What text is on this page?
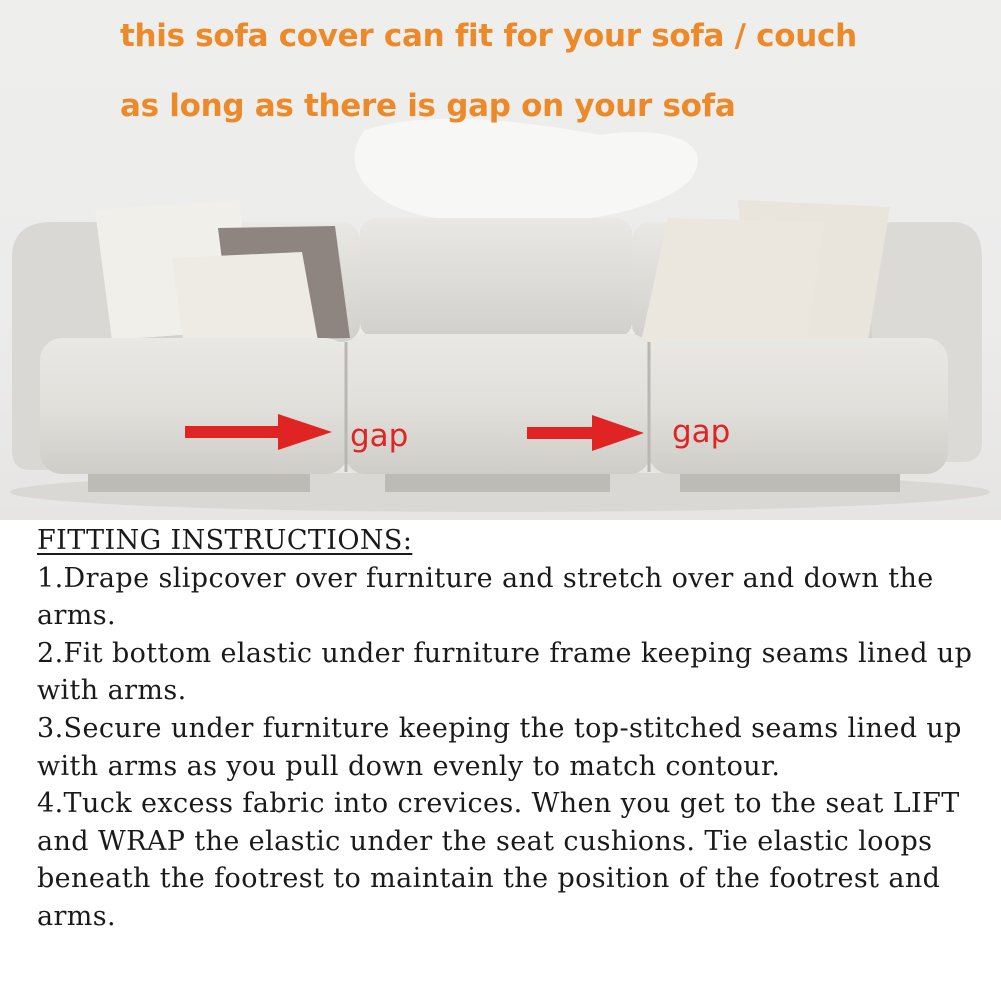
this sofa cover can fit for your sofa / couch

as long as there is gap on your sofa

gap	gap
FITTING INSTRUCTIONS:

1.Drape slipcover over furniture and stretch over and down the arms.

2.Fit bottom elastic under furniture frame keeping seams lined up with arms.

3.Secure under furniture keeping the top-stitched seams lined up with arms as you pull down evenly to match contour.

4.Tuck excess fabric into crevices. When you get to the seat LIFT and WRAP the elastic under the seat cushions. Tie elastic loops beneath the footrest to maintain the position of the footrest and arms.
